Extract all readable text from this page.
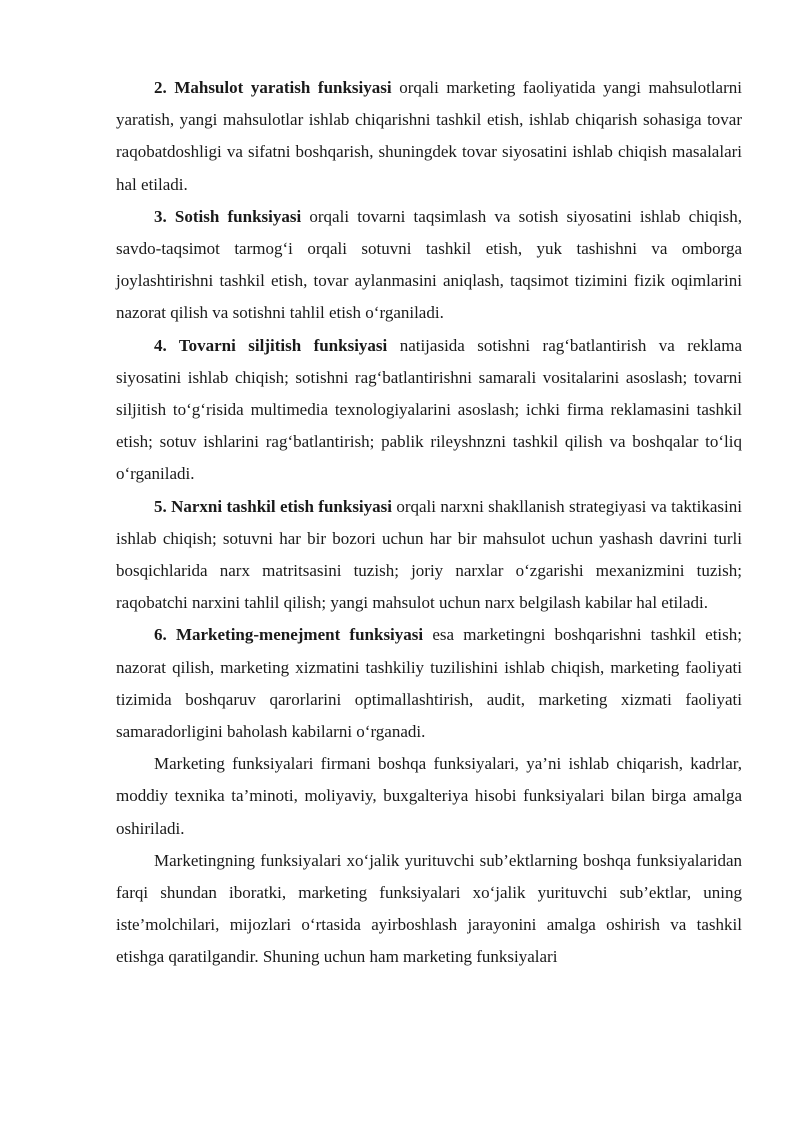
2. Mahsulot yaratish funksiyasi orqali marketing faoliyatida yangi mahsulotlarni yaratish, yangi mahsulotlar ishlab chiqarishni tashkil etish, ishlab chiqarish sohasiga tovar raqobatdoshligi va sifatni boshqarish, shuningdek tovar siyosatini ishlab chiqish masalalari hal etiladi.

3. Sotish funksiyasi orqali tovarni taqsimlash va sotish siyosatini ishlab chiqish, savdo-taqsimot tarmog‘i orqali sotuvni tashkil etish, yuk tashishni va omborga joylashtirishni tashkil etish, tovar aylanmasini aniqlash, taqsimot tizimini fizik oqimlarini nazorat qilish va sotishni tahlil etish o‘rganiladi.

4. Tovarni siljitish funksiyasi natijasida sotishni rag‘batlantirish va reklama siyosatini ishlab chiqish; sotishni rag‘batlantirishni samarali vositalarini asoslash; tovarni siljitish to‘g‘risida multimedia texnologiyalarini asoslash; ichki firma reklamasini tashkil etish; sotuv ishlarini rag‘batlantirish; pablik rileyshnzni tashkil qilish va boshqalar to‘liq o‘rganiladi.

5. Narxni tashkil etish funksiyasi orqali narxni shakllanish strategiyasi va taktikasini ishlab chiqish; sotuvni har bir bozori uchun har bir mahsulot uchun yashash davrini turli bosqichlarida narx matritsasini tuzish; joriy narxlar o‘zgarishi mexanizmini tuzish; raqobatchi narxini tahlil qilish; yangi mahsulot uchun narx belgilash kabilar hal etiladi.

6. Marketing-menejment funksiyasi esa marketingni boshqarishni tashkil etish; nazorat qilish, marketing xizmatini tashkiliy tuzilishini ishlab chiqish, marketing faoliyati tizimida boshqaruv qarorlarini optimallashtirish, audit, marketing xizmati faoliyati samaradorligini baholash kabilarni o‘rganadi.

Marketing funksiyalari firmani boshqa funksiyalari, ya’ni ishlab chiqarish, kadrlar, moddiy texnika ta’minoti, moliyaviy, buxgalteriya hisobi funksiyalari bilan birga amalga oshiriladi.

Marketingning funksiyalari xo‘jalik yurituvchi sub’ektlarning boshqa funksiyalaridan farqi shundan iboratki, marketing funksiyalari xo‘jalik yurituvchi sub’ektlar, uning iste’molchilari, mijozlari o‘rtasida ayirboshlash jarayonini amalga oshirish va tashkil etishga qaratilgandir. Shuning uchun ham marketing funksiyalari
